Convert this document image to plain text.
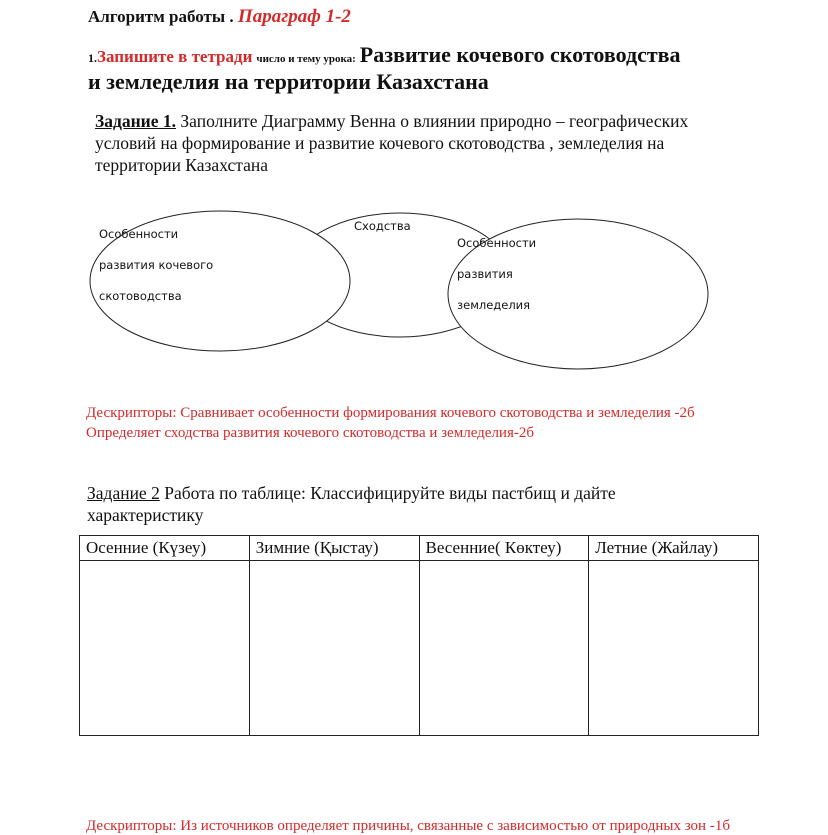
Алгоритм работы . Параграф 1-2
1.Запишите в тетради число и тему урока: Развитие кочевого скотоводства
и земледелия на территории Казахстана
Задание 1. Заполните Диаграмму Венна о влиянии природно – географических
условий на формирование и развитие кочевого скотоводства , земледелия на
территории Казахстана
Особенности
развития кочевого
скотоводства
Сходства
Особенности
развития
земледелия
Дескрипторы: Сравнивает особенности формирования кочевого скотоводства и земледелия -2б
Определяет сходства развития кочевого скотоводства и земледелия-2б
Задание 2 Работа по таблице: Классифицируйте виды пастбищ и дайте
характеристику
Осенние (Күзеу)	Зимние (Қыстау)	Весенние( Көктеу)	Летние (Жайлау)

Дескрипторы: Из источников определяет причины, связанные с зависимостью от природных зон -1б
